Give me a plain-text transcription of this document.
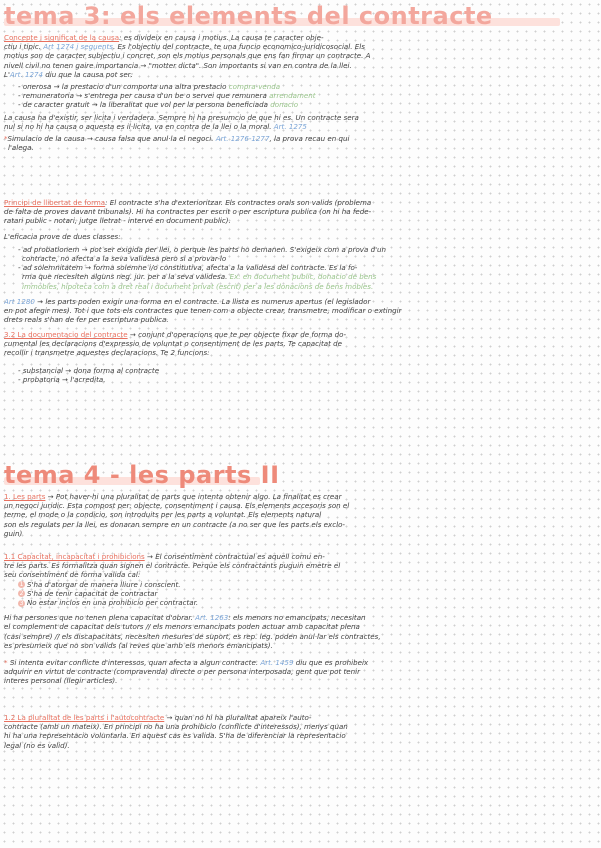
tema 3: els elements del contracte

Concepte i significat de la causa: es divideix en causa i motius. La causa te caracter obje-

ctiu i tipic. Art 1274 i seguents. Es l'objectiu del contracte, te una funcio economico-juridicosocial. Els

motius son de caracter subjectiu i concret, son els motius personals que ens fan firmar un contracte. A

nivell civil no tenen gaire importancia → "motter dicta". Son importants si van en contra de la llei.

L'Art. 1274 diu que la causa pot ser:

- onerosa → la prestacio d'un comporta una altra prestacio compra-venda

- remuneratoria → s'entrega per causa d'un be o servei que remunera arrendament

- de caracter gratuit → la liberalitat que vol per la persona beneficiada donacio

La causa ha d'existir, ser licita i verdadera. Sempre hi ha presumcio de que hi es. Un contracte sera

nul si no hi ha causa o aquesta es il·licita, va en contra de la llei o la moral. Art. 1275

*Simulacio de la causa → causa falsa que anul·la el negoci. Art. 1276-1277, la prova recau en qui

l'alega.

Principi de llibertat de forma: El contracte s'ha d'exterioritzar. Els contractes orals son valids (problema

de falta de proves davant tribunals). Hi ha contractes per escrit o per escriptura publica (on hi ha fede-

ratari public - notari, jutge lletrat - intervé en document public).

L'eficacia prove de dues classes:

- ad probationem → pot ser exigida per llei, o perque les parts ho demanen. S'exigeix com a prova d'un

contracte, no afecta a la seva validesa pero si a provar-lo

- ad solemnitatem → forma solemne i/o constitutiva, afecta a la validesa del contracte. Es la fo-

rma que necesiten alguns neg. jur. per a la seva validesa. Ex: en document public, donacio de bens

immobles, hipoteca com a dret real i document privat (escrit) per a les donacions de bens mobles.

Art 1280 → les parts poden exigir una forma en el contracte. La llista es numerus apertus (el legislador

en pot afegir mes). Tot i que tots els contractes que tenen com a objecte crear, transmetre, modificar o extingir

drets reals s'han de fer per escriptura publica.

3.2 La documentacio del contracte → conjunt d'operacions que te per objecte fixar de forma do-

cumental les declaracions d'expressio de voluntat o consentiment de les parts. Te capacitat de

recollir i transmetre aquestes declaracions. Te 2 funcions:

- substancial → dona forma al contracte

- probatoria → l'acredita.

tema 4 - les parts II

1. Les parts → Pot haver-hi una pluralitat de parts que intenta obtenir algo. La finalitat es crear

un negoci juridic. Esta compost per: objecte, consentiment i causa. Els elements accesoris son el

terme, el mode o la condicio, son introduits per les parts a voluntat. Els elements natural

son els regulats per la llei, es donaran sempre en un contracte (a no ser que les parts els exclo-

guin)

1.1 Capacitat, incapacitat i prohibicions → El consentiment contractual es aquell comu en-

tre les parts. Es formalitza quan signen el contracte. Perque els contractants puguin emetre el

seu consentiment de forma valida cal:

1 S'ha d'atorgar de manera lliure i conscient.

2 S'ha de tenir capacitat de contractar

3 No estar inclos en una prohibicio per contractar.

Hi ha persones que no tenen plena capacitat d'obrar. Art. 1263: els menors no emancipats, necesitan

el complement de capacitat dels tutors // els menors emancipats poden actuar amb capacitat plena

(casi sempre) // els discapacitats, necesiten mesures de suport, es rep. leg. poden anul·lar els contractes,

es presumeix que no son valids (al reves que amb els menors emancipats).

* Si intenta evitar conflicte d'interessos, quan afecta a algun contracte. Art. 1459 diu que es prohibeix

adquirir en virtut de contracte (compravenda) directe o per persona interposada, gent que pot tenir

interes personal (llegir articles).

1.2 La pluralitat de les parts i l'autocontracte → quan no hi ha pluralitat apareix l'auto-

contracte (amb un mateix). En principi no ha una prohibicio (conflicte d'interessos), menys quan

hi ha una representacio voluntaria. En aquest cas es valida. S'ha de diferenciar la representacio

legal (no es valid).
